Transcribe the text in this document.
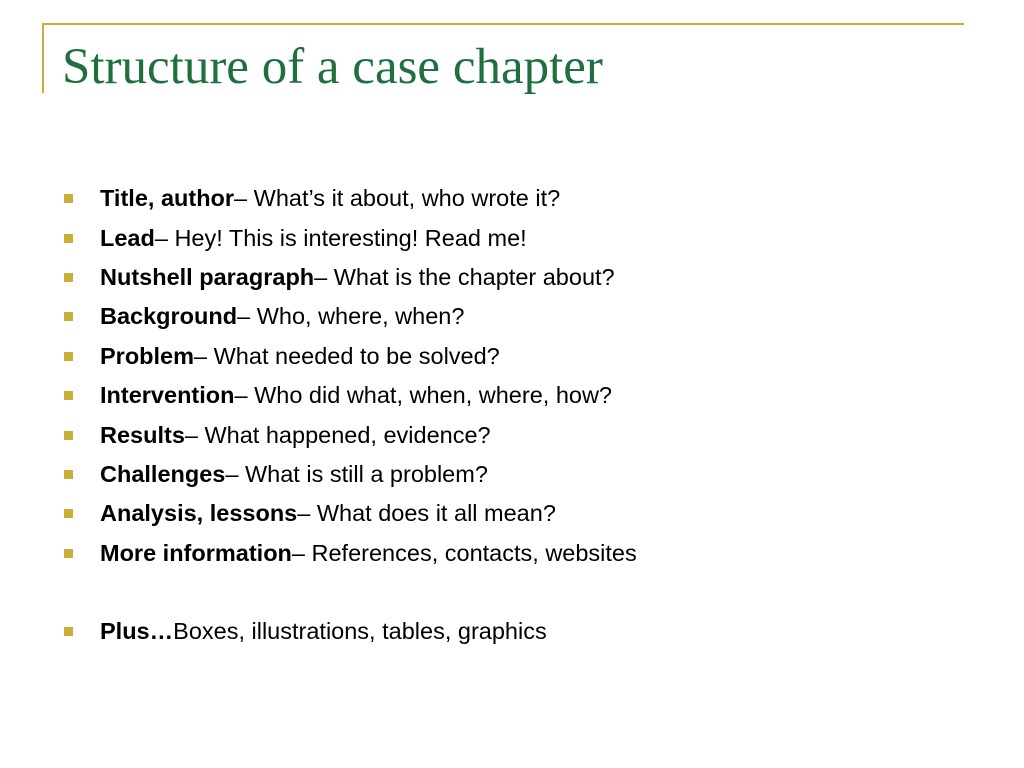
Structure of a case chapter
Title, author – What’s it about, who wrote it?
Lead – Hey! This is interesting! Read me!
Nutshell paragraph – What is the chapter about?
Background – Who, where, when?
Problem – What needed to be solved?
Intervention – Who did what, when, where, how?
Results – What happened, evidence?
Challenges – What is still a problem?
Analysis, lessons – What does it all mean?
More information – References, contacts, websites
Plus… Boxes, illustrations, tables, graphics
